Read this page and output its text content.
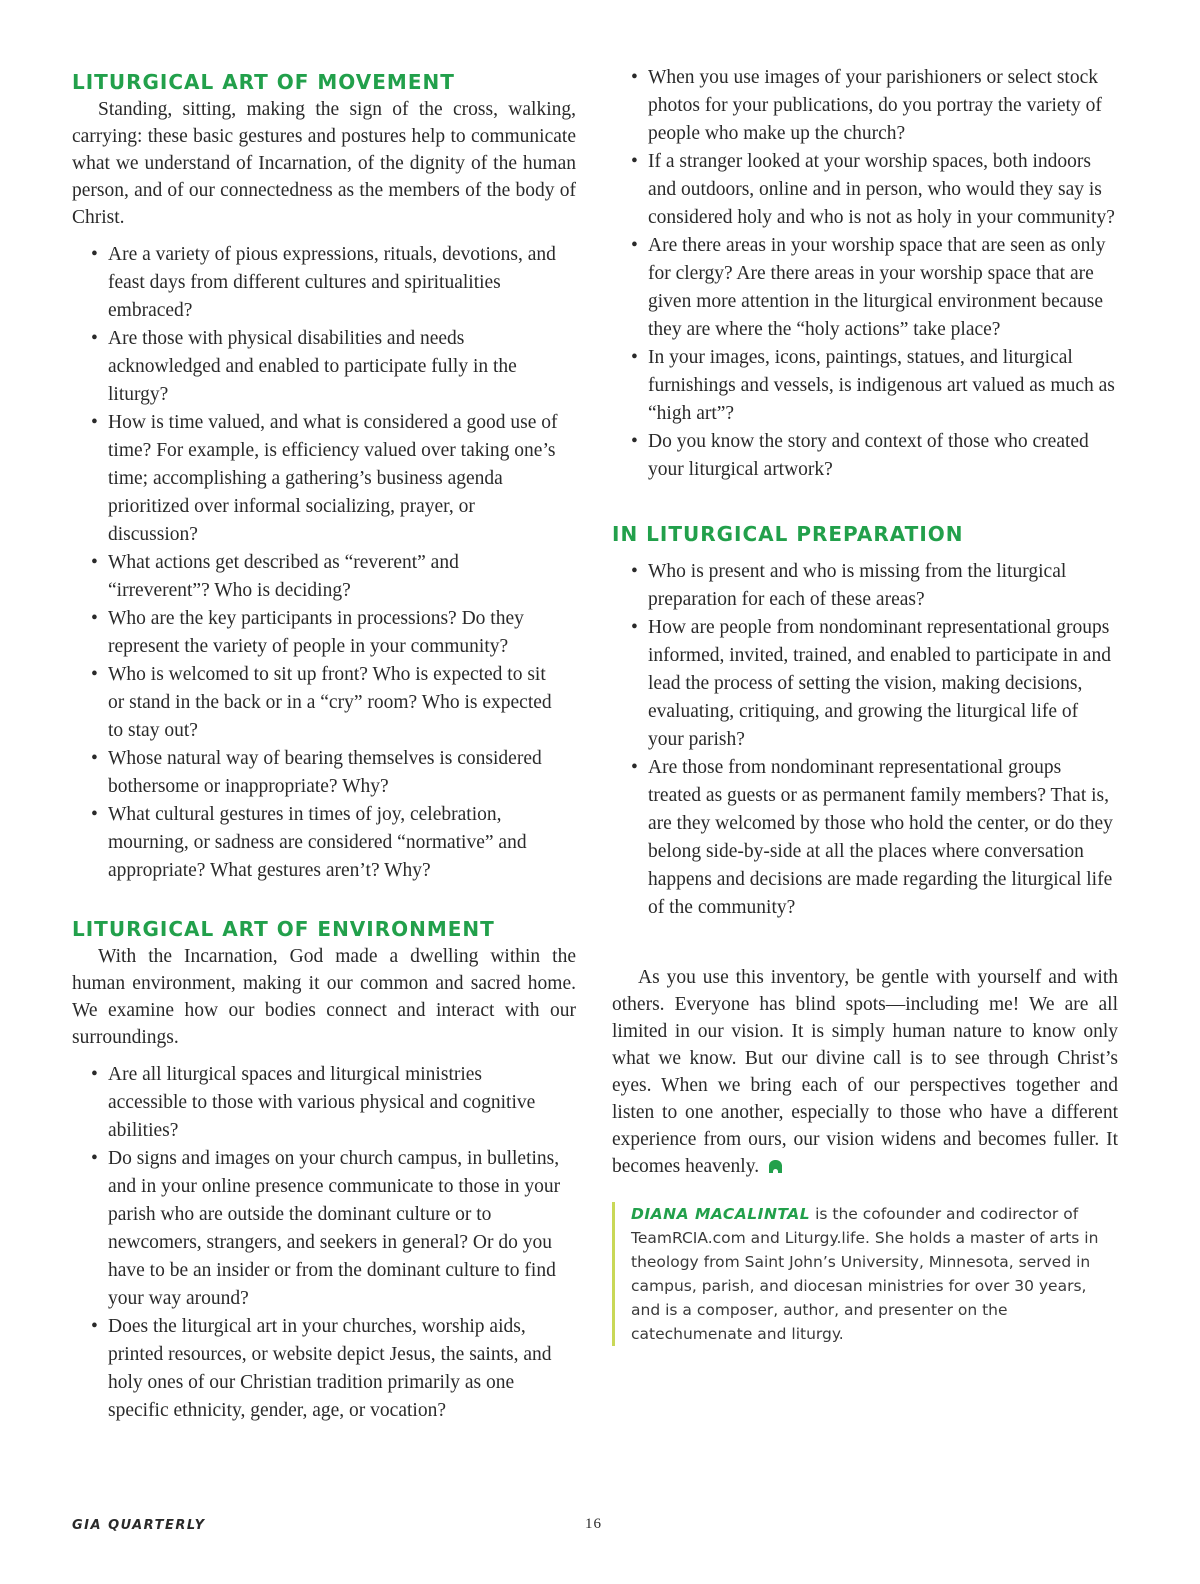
LITURGICAL ART OF MOVEMENT

Standing, sitting, making the sign of the cross, walking, carrying: these basic gestures and postures help to communicate what we understand of Incarnation, of the dignity of the human person, and of our connectedness as the members of the body of Christ.

• Are a variety of pious expressions, rituals, devotions, and feast days from different cultures and spiritualities embraced?
• Are those with physical disabilities and needs acknowledged and enabled to participate fully in the liturgy?
• How is time valued, and what is considered a good use of time? For example, is efficiency valued over taking one’s time; accomplishing a gathering’s business agenda prioritized over informal socializing, prayer, or discussion?
• What actions get described as “reverent” and “irreverent”? Who is deciding?
• Who are the key participants in processions? Do they represent the variety of people in your community?
• Who is welcomed to sit up front? Who is expected to sit or stand in the back or in a “cry” room? Who is expected to stay out?
• Whose natural way of bearing themselves is considered bothersome or inappropriate? Why?
• What cultural gestures in times of joy, celebration, mourning, or sadness are considered “normative” and appropriate? What gestures aren’t? Why?
LITURGICAL ART OF ENVIRONMENT

With the Incarnation, God made a dwelling within the human environment, making it our common and sacred home. We examine how our bodies connect and interact with our surroundings.

• Are all liturgical spaces and liturgical ministries accessible to those with various physical and cognitive abilities?
• Do signs and images on your church campus, in bulletins, and in your online presence communicate to those in your parish who are outside the dominant culture or to newcomers, strangers, and seekers in general? Or do you have to be an insider or from the dominant culture to find your way around?
• Does the liturgical art in your churches, worship aids, printed resources, or website depict Jesus, the saints, and holy ones of our Christian tradition primarily as one specific ethnicity, gender, age, or vocation?
• When you use images of your parishioners or select stock photos for your publications, do you portray the variety of people who make up the church?
• If a stranger looked at your worship spaces, both indoors and outdoors, online and in person, who would they say is considered holy and who is not as holy in your community?
• Are there areas in your worship space that are seen as only for clergy? Are there areas in your worship space that are given more attention in the liturgical environment because they are where the “holy actions” take place?
• In your images, icons, paintings, statues, and liturgical furnishings and vessels, is indigenous art valued as much as “high art”?
• Do you know the story and context of those who created your liturgical artwork?
IN LITURGICAL PREPARATION
• Who is present and who is missing from the liturgical preparation for each of these areas?
• How are people from nondominant representational groups informed, invited, trained, and enabled to participate in and lead the process of setting the vision, making decisions, evaluating, critiquing, and growing the liturgical life of your parish?
• Are those from nondominant representational groups treated as guests or as permanent family members? That is, are they welcomed by those who hold the center, or do they belong side-by-side at all the places where conversation happens and decisions are made regarding the liturgical life of the community?

As you use this inventory, be gentle with yourself and with others. Everyone has blind spots—including me! We are all limited in our vision. It is simply human nature to know only what we know. But our divine call is to see through Christ’s eyes. When we bring each of our perspectives together and listen to one another, especially to those who have a different experience from ours, our vision widens and becomes fuller. It becomes heavenly.

DIANA MACALINTAL is the cofounder and codirector of TeamRCIA.com and Liturgy.life. She holds a master of arts in theology from Saint John’s University, Minnesota, served in campus, parish, and diocesan ministries for over 30 years, and is a composer, author, and presenter on the catechumenate and liturgy.
GIA QUARTERLY	16
